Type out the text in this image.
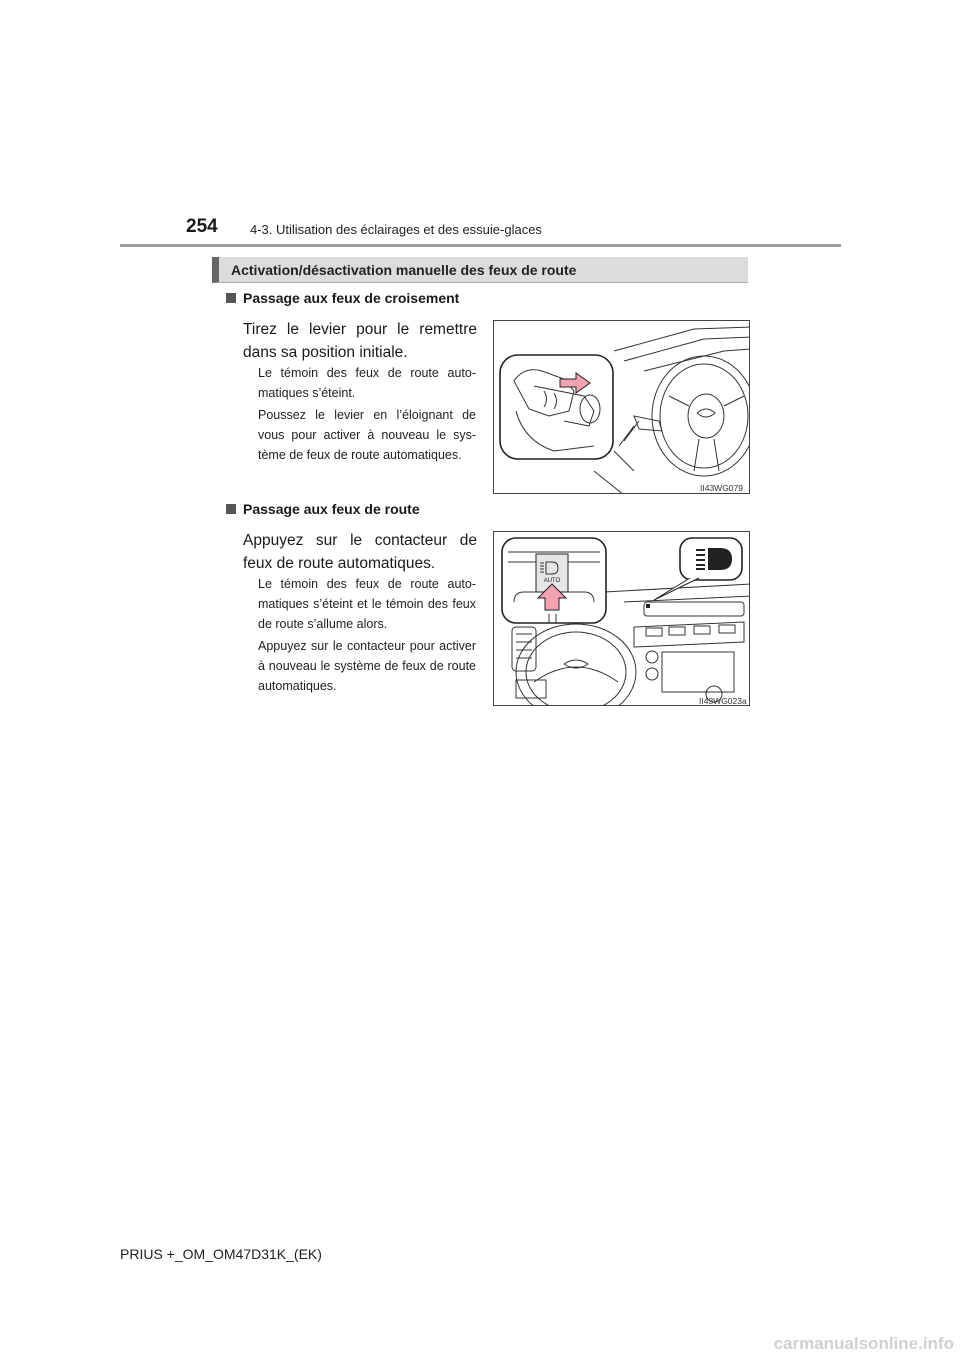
254 4-3. Utilisation des éclairages et des essuie-glaces
Activation/désactivation manuelle des feux de route
Passage aux feux de croisement
Tirez le levier pour le remettre dans sa position initiale.
Le témoin des feux de route automatiques s’éteint.
Poussez le levier en l’éloignant de vous pour activer à nouveau le système de feux de route automatiques.
II43WG079
Passage aux feux de route
Appuyez sur le contacteur de feux de route automatiques.
Le témoin des feux de route automatiques s’éteint et le témoin des feux de route s’allume alors.
Appuyez sur le contacteur pour activer à nouveau le système de feux de route automatiques.
AUTO
II43WG023a
PRIUS +_OM_OM47D31K_(EK)
carmanualsonline.info
